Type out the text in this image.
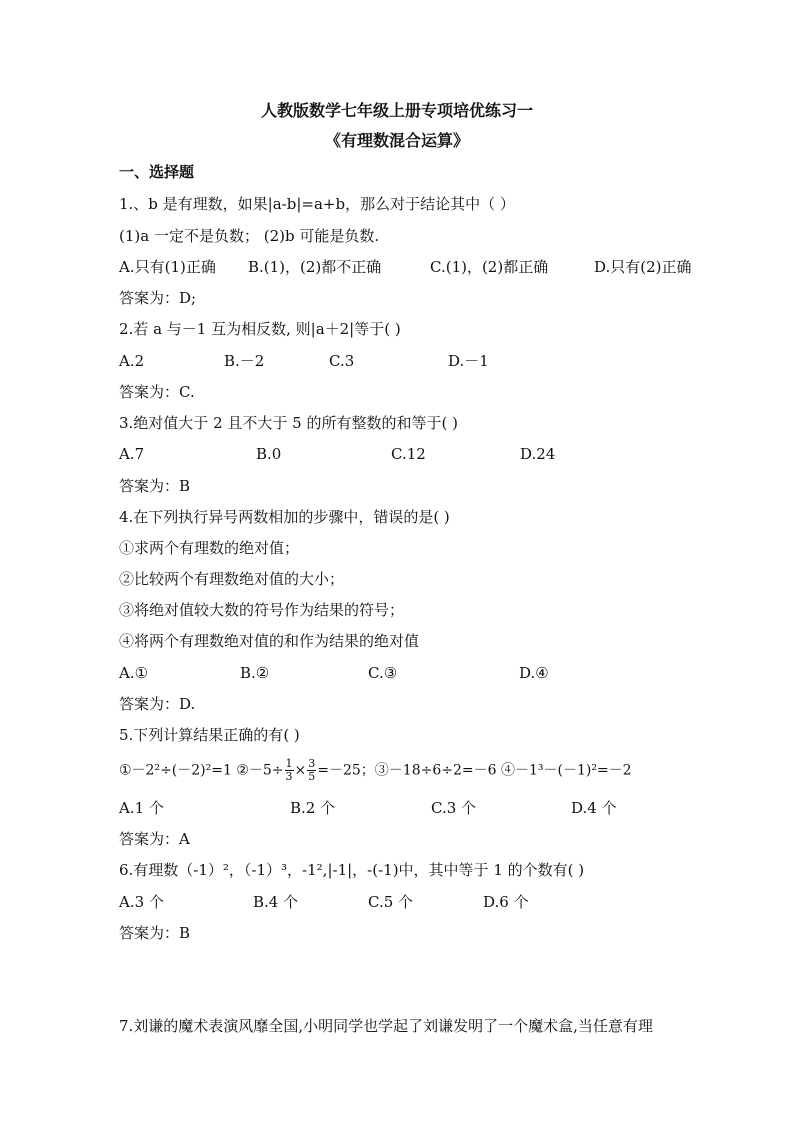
人教版数学七年级上册专项培优练习一
《有理数混合运算》
一、选择题
1.、b 是有理数，如果|a-b|=a+b，那么对于结论其中（ ）
(1)a 一定不是负数； (2)b 可能是负数.
A.只有(1)正确 B.(1)，(2)都不正确	C.(1)，(2)都正确	D.只有(2)正确
答案为：D;
2.若 a 与－1 互为相反数, 则|a＋2|等于( )
A.2	B.－2	C.3	D.－1
答案为：C.
3.绝对值大于 2 且不大于 5 的所有整数的和等于( )
A.7	B.0	C.12	D.24
答案为：B
4.在下列执行异号两数相加的步骤中，错误的是( )
①求两个有理数的绝对值；
②比较两个有理数绝对值的大小；
③将绝对值较大数的符号作为结果的符号；
④将两个有理数绝对值的和作为结果的绝对值
A.①	B.②	C.③	D.④
答案为：D.
5.下列计算结果正确的有( )
①－2²÷(－2)²=1 ②－5÷ $\frac{1}{3} \times \frac{3}{5} =-25$；③－18÷6÷2=－6 ④－1³－(－1)²=－2
A.1 个	B.2 个	C.3 个	D.4 个
答案为：A
6.有理数（-1）²，（-1）³，-1²,|-1|，-(-1)中，其中等于 1 的个数有( )
A.3 个	B.4 个	C.5 个	D.6 个
答案为：B
7.刘谦的魔术表演风靡全国,小明同学也学起了刘谦发明了一个魔术盒,当任意有理
